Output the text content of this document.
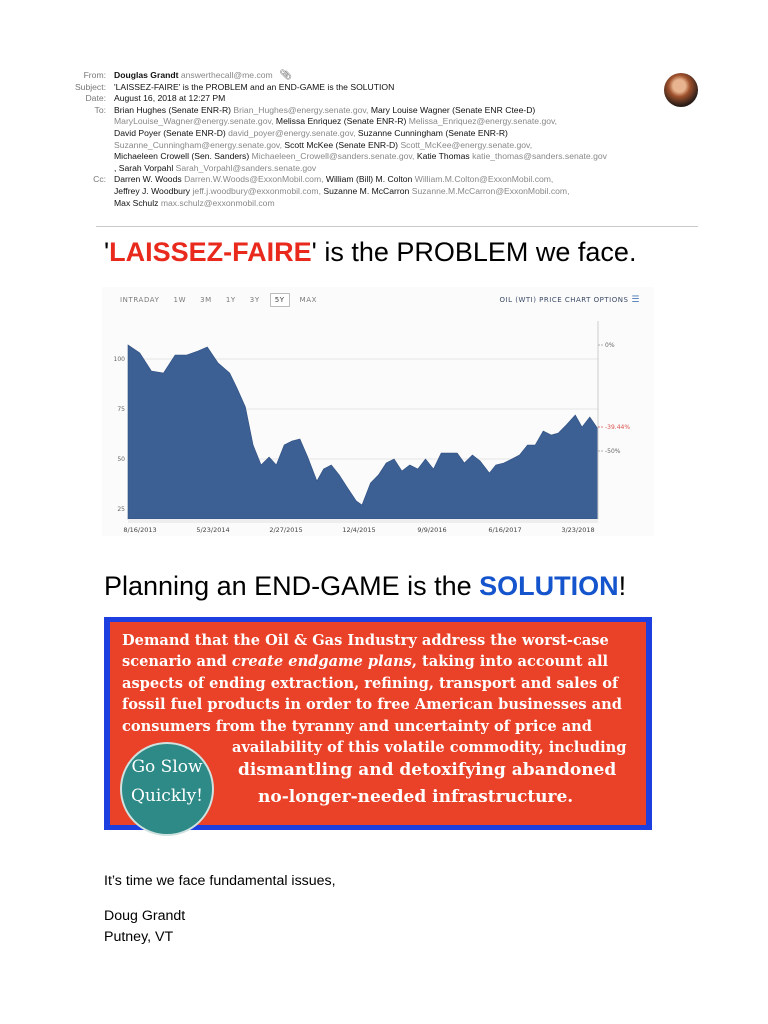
From: Douglas Grandt answerthecall@me.com 📎︎
Subject: 'LAISSEZ-FAIRE' is the PROBLEM and an END-GAME is the SOLUTION
Date: August 16, 2018 at 12:27 PM
To: Brian Hughes (Senate ENR-R) Brian_Hughes@energy.senate.gov, Mary Louise Wagner (Senate ENR Ctee-D)
MaryLouise_Wagner@energy.senate.gov, Melissa Enriquez (Senate ENR-R) Melissa_Enriquez@energy.senate.gov,
David Poyer (Senate ENR-D) david_poyer@energy.senate.gov, Suzanne Cunningham (Senate ENR-R)
Suzanne_Cunningham@energy.senate.gov, Scott McKee (Senate ENR-D) Scott_McKee@energy.senate.gov,
Michaeleen Crowell (Sen. Sanders) Michaeleen_Crowell@sanders.senate.gov, Katie Thomas katie_thomas@sanders.senate.gov
, Sarah Vorpahl Sarah_Vorpahl@sanders.senate.gov
Cc: Darren W. Woods Darren.W.Woods@ExxonMobil.com, William (Bill) M. Colton William.M.Colton@ExxonMobil.com,
Jeffrey J. Woodbury jeff.j.woodbury@exxonmobil.com, Suzanne M. McCarron Suzanne.M.McCarron@ExxonMobil.com,
Max Schulz max.schulz@exxonmobil.com
'LAISSEZ-FAIRE' is the PROBLEM we face.
INTRADAY 1W 3M 1Y 3Y 5Y MAX	OIL (WTI) PRICE CHART OPTIONS ☰
25
50
75
100
8/16/2013	5/23/2014	2/27/2015	12/4/2015	9/9/2016	6/16/2017	3/23/2018
0%
-39.44%
-50%
Planning an END-GAME is the SOLUTION!
Demand that the Oil & Gas Industry address the worst-case
scenario and create endgame plans, taking into account all
aspects of ending extraction, refining, transport and sales of
fossil fuel products in order to free American businesses and
consumers from the tyranny and uncertainty of price and
availability of this volatile commodity, including
dismantling and detoxifying abandoned
no-longer-needed infrastructure.
Go Slow
Quickly!
It’s time we face fundamental issues,
Doug Grandt
Putney, VT
